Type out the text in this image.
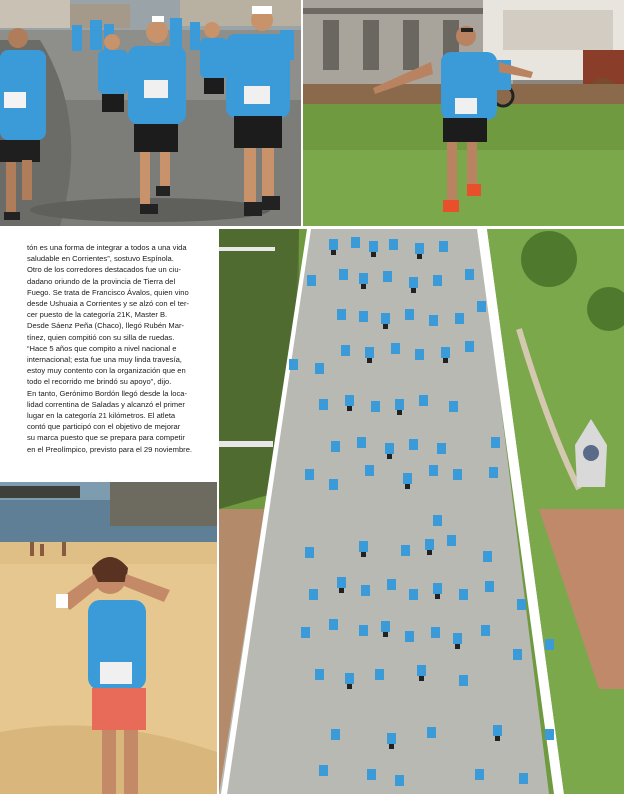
tón es una forma de integrar a todos a una vida

saludable en Corrientes”, sostuvo Espínola.

Otro de los corredores destacados fue un ciu-

dadano oriundo de la provincia de Tierra del

Fuego. Se trata de Francisco Ávalos, quien vino

desde Ushuaia a Corrientes y se alzó con el ter-

cer puesto de la categoría 21K, Master B.

Desde Sáenz Peña (Chaco), llegó Rubén Mar-

tínez, quien compitió con su silla de ruedas.

“Hace 5 años que compito a nivel nacional e

internacional; esta fue una muy linda travesía,

estoy muy contento con la organización que en

todo el recorrido me brindó su apoyo”, dijo.

En tanto, Gerónimo Bordón llegó desde la loca-

lidad correntina de Saladas y alcanzó el primer

lugar en la categoría 21 kilómetros. El atleta

contó que participó con el objetivo de mejorar

su marca puesto que se prepara para competir

en el Preolímpico, previsto para el 29 noviembre.
